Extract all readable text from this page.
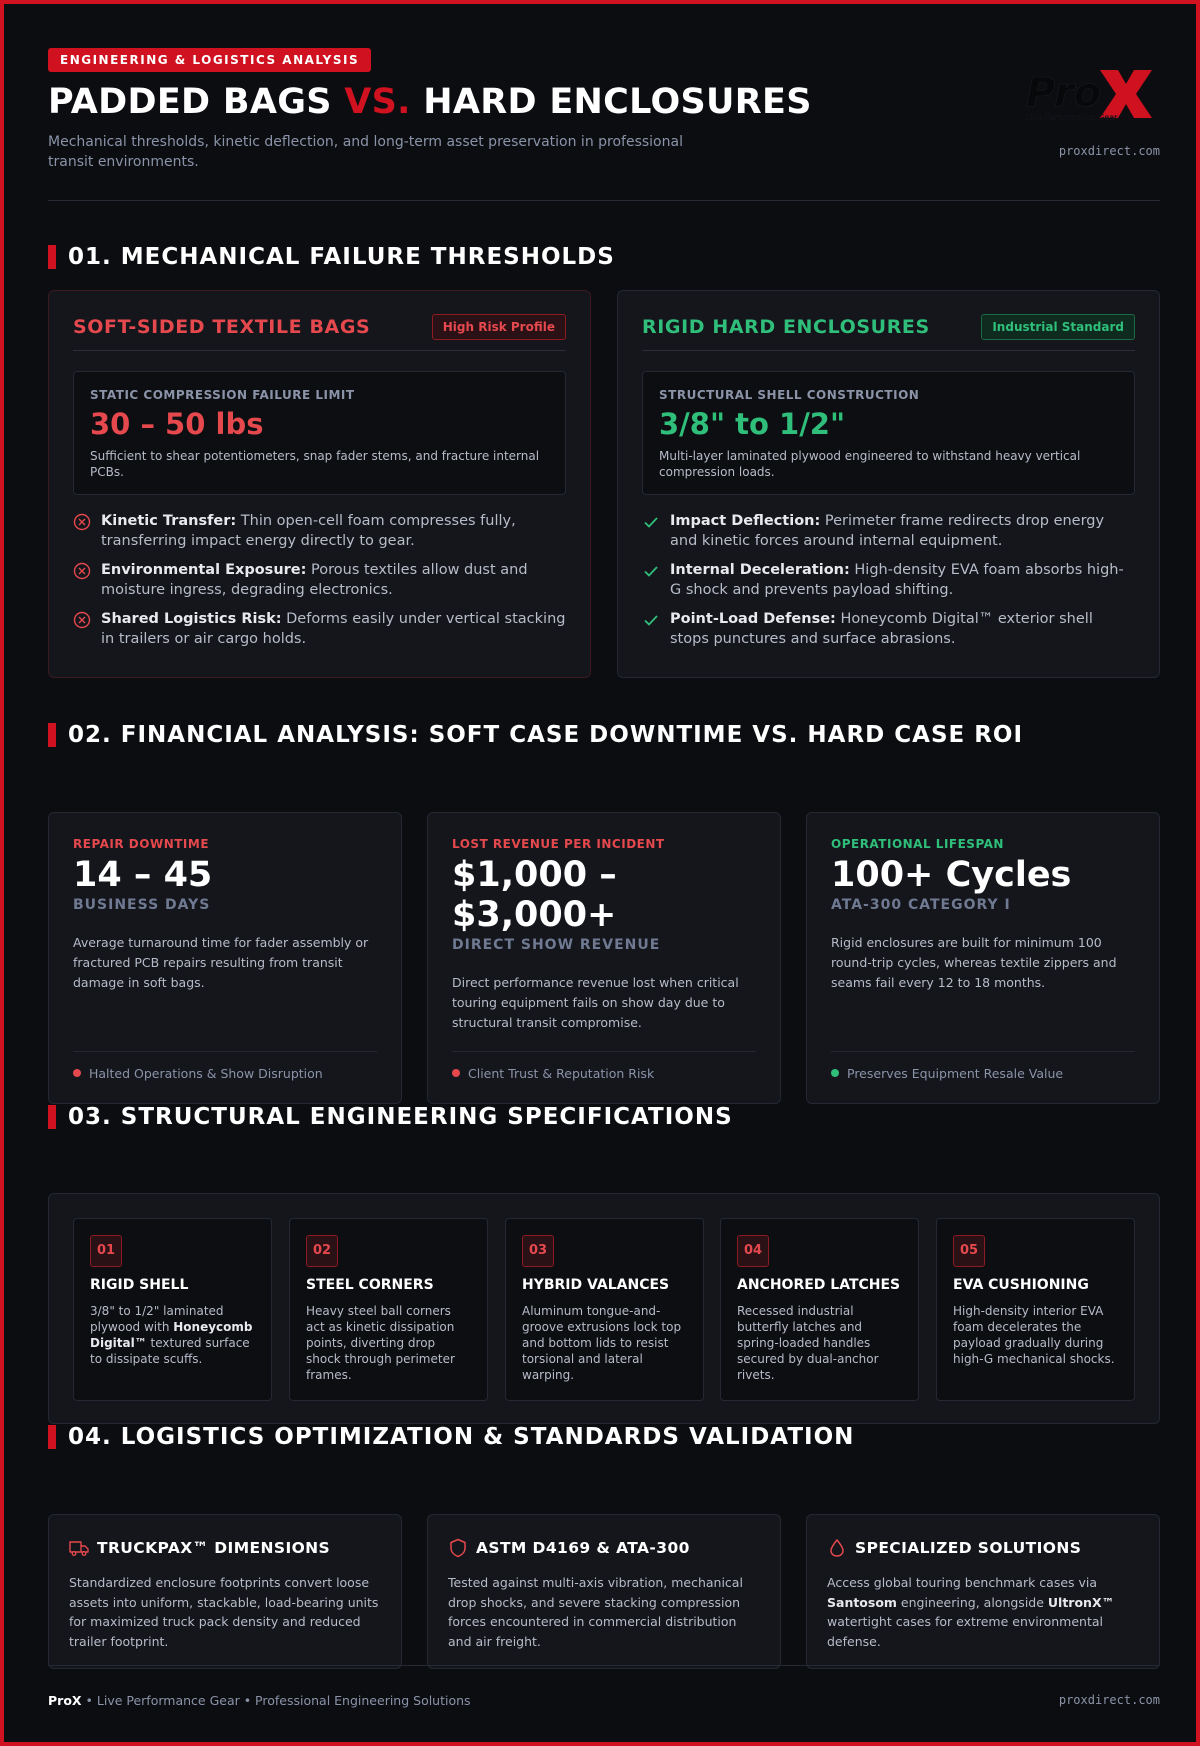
ENGINEERING & LOGISTICS ANALYSIS
PADDED BAGS VS. HARD ENCLOSURES
Mechanical thresholds, kinetic deflection, and long-term asset preservation in professional transit environments.
Pro
Live Performance Gear
proxdirect.com
01. MECHANICAL FAILURE THRESHOLDS
SOFT-SIDED TEXTILE BAGS	High Risk Profile
STATIC COMPRESSION FAILURE LIMIT
30 – 50 lbs
Sufficient to shear potentiometers, snap fader stems, and fracture internal PCBs.
Kinetic Transfer: Thin open-cell foam compresses fully, transferring impact energy directly to gear.
Environmental Exposure: Porous textiles allow dust and moisture ingress, degrading electronics.
Shared Logistics Risk: Deforms easily under vertical stacking in trailers or air cargo holds.
RIGID HARD ENCLOSURES	Industrial Standard
STRUCTURAL SHELL CONSTRUCTION
3/8" to 1/2"
Multi-layer laminated plywood engineered to withstand heavy vertical compression loads.
Impact Deflection: Perimeter frame redirects drop energy and kinetic forces around internal equipment.
Internal Deceleration: High-density EVA foam absorbs high-G shock and prevents payload shifting.
Point-Load Defense: Honeycomb Digital™ exterior shell stops punctures and surface abrasions.
02. FINANCIAL ANALYSIS: SOFT CASE DOWNTIME VS. HARD CASE ROI
REPAIR DOWNTIME
14 – 45
BUSINESS DAYS
Average turnaround time for fader assembly or fractured PCB repairs resulting from transit damage in soft bags.
Halted Operations & Show Disruption
LOST REVENUE PER INCIDENT
$1,000 – $3,000+
DIRECT SHOW REVENUE
Direct performance revenue lost when critical touring equipment fails on show day due to structural transit compromise.
Client Trust & Reputation Risk
OPERATIONAL LIFESPAN
100+ Cycles
ATA-300 CATEGORY I
Rigid enclosures are built for minimum 100 round-trip cycles, whereas textile zippers and seams fail every 12 to 18 months.
Preserves Equipment Resale Value
03. STRUCTURAL ENGINEERING SPECIFICATIONS
01
RIGID SHELL
3/8" to 1/2" laminated plywood with Honeycomb Digital™ textured surface to dissipate scuffs.
02
STEEL CORNERS
Heavy steel ball corners act as kinetic dissipation points, diverting drop shock through perimeter frames.
03
HYBRID VALANCES
Aluminum tongue-and-groove extrusions lock top and bottom lids to resist torsional and lateral warping.
04
ANCHORED LATCHES
Recessed industrial butterfly latches and spring-loaded handles secured by dual-anchor rivets.
05
EVA CUSHIONING
High-density interior EVA foam decelerates the payload gradually during high-G mechanical shocks.
04. LOGISTICS OPTIMIZATION & STANDARDS VALIDATION
TRUCKPAX™ DIMENSIONS
Standardized enclosure footprints convert loose assets into uniform, stackable, load-bearing units for maximized truck pack density and reduced trailer footprint.
ASTM D4169 & ATA-300
Tested against multi-axis vibration, mechanical drop shocks, and severe stacking compression forces encountered in commercial distribution and air freight.
SPECIALIZED SOLUTIONS
Access global touring benchmark cases via Santosom engineering, alongside UltronX™ watertight cases for extreme environmental defense.
ProX • Live Performance Gear • Professional Engineering Solutions	proxdirect.com
